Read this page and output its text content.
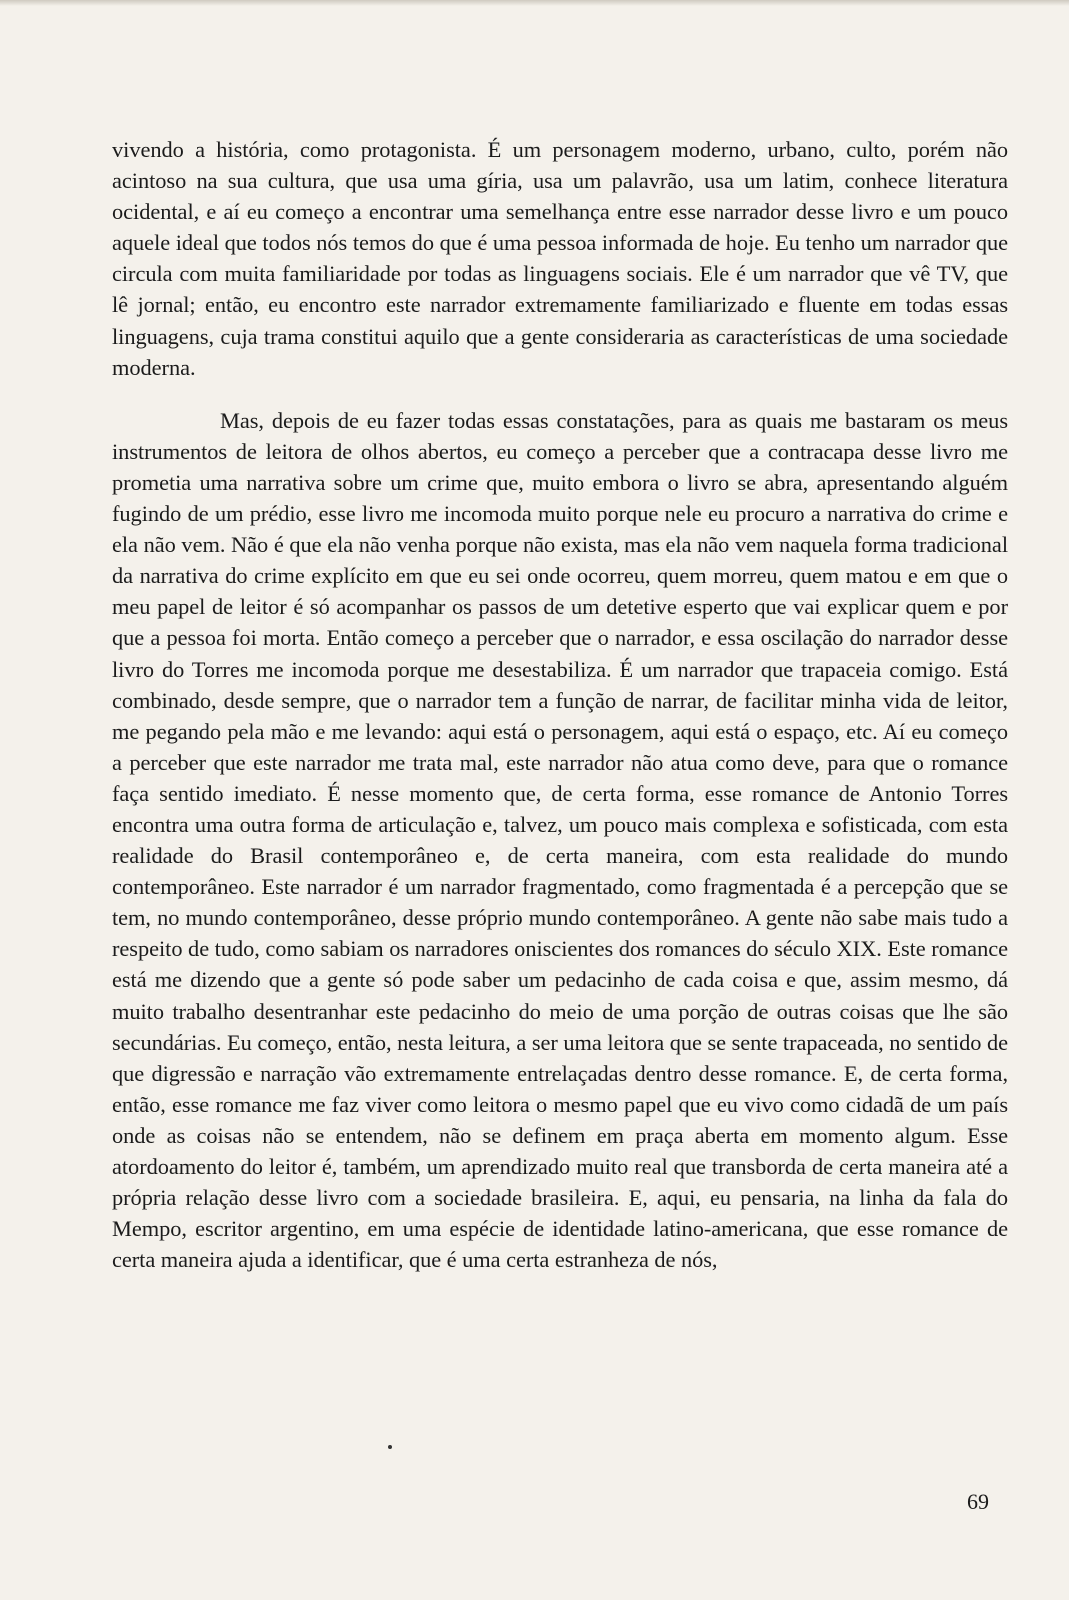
vivendo a história, como protagonista. É um personagem moderno, urbano, culto, porém não acintoso na sua cultura, que usa uma gíria, usa um palavrão, usa um latim, conhece literatura ocidental, e aí eu começo a encontrar uma semelhança entre esse narrador desse livro e um pouco aquele ideal que todos nós temos do que é uma pessoa informada de hoje. Eu tenho um narrador que circula com muita familiaridade por todas as linguagens sociais. Ele é um narrador que vê TV, que lê jornal; então, eu encontro este narrador extremamente familiarizado e fluente em todas essas linguagens, cuja trama constitui aquilo que a gente consideraria as características de uma sociedade moderna.

Mas, depois de eu fazer todas essas constatações, para as quais me bastaram os meus instrumentos de leitora de olhos abertos, eu começo a perceber que a contracapa desse livro me prometia uma narrativa sobre um crime que, muito embora o livro se abra, apresentando alguém fugindo de um prédio, esse livro me incomoda muito porque nele eu procuro a narrativa do crime e ela não vem. Não é que ela não venha porque não exista, mas ela não vem naquela forma tradicional da narrativa do crime explícito em que eu sei onde ocorreu, quem morreu, quem matou e em que o meu papel de leitor é só acompanhar os passos de um detetive esperto que vai explicar quem e por que a pessoa foi morta. Então começo a perceber que o narrador, e essa oscilação do narrador desse livro do Torres me incomoda porque me desestabiliza. É um narrador que trapaceia comigo. Está combinado, desde sempre, que o narrador tem a função de narrar, de facilitar minha vida de leitor, me pegando pela mão e me levando: aqui está o personagem, aqui está o espaço, etc. Aí eu começo a perceber que este narrador me trata mal, este narrador não atua como deve, para que o romance faça sentido imediato. É nesse momento que, de certa forma, esse romance de Antonio Torres encontra uma outra forma de articulação e, talvez, um pouco mais complexa e sofisticada, com esta realidade do Brasil contemporâneo e, de certa maneira, com esta realidade do mundo contemporâneo. Este narrador é um narrador fragmentado, como fragmentada é a percepção que se tem, no mundo contemporâneo, desse próprio mundo contemporâneo. A gente não sabe mais tudo a respeito de tudo, como sabiam os narradores oniscientes dos romances do século XIX. Este romance está me dizendo que a gente só pode saber um pedacinho de cada coisa e que, assim mesmo, dá muito trabalho desentranhar este pedacinho do meio de uma porção de outras coisas que lhe são secundárias. Eu começo, então, nesta leitura, a ser uma leitora que se sente trapaceada, no sentido de que digressão e narração vão extremamente entrelaçadas dentro desse romance. E, de certa forma, então, esse romance me faz viver como leitora o mesmo papel que eu vivo como cidadã de um país onde as coisas não se entendem, não se definem em praça aberta em momento algum. Esse atordoamento do leitor é, também, um aprendizado muito real que transborda de certa maneira até a própria relação desse livro com a sociedade brasileira. E, aqui, eu pensaria, na linha da fala do Mempo, escritor argentino, em uma espécie de identidade latino-americana, que esse romance de certa maneira ajuda a identificar, que é uma certa estranheza de nós,

69
